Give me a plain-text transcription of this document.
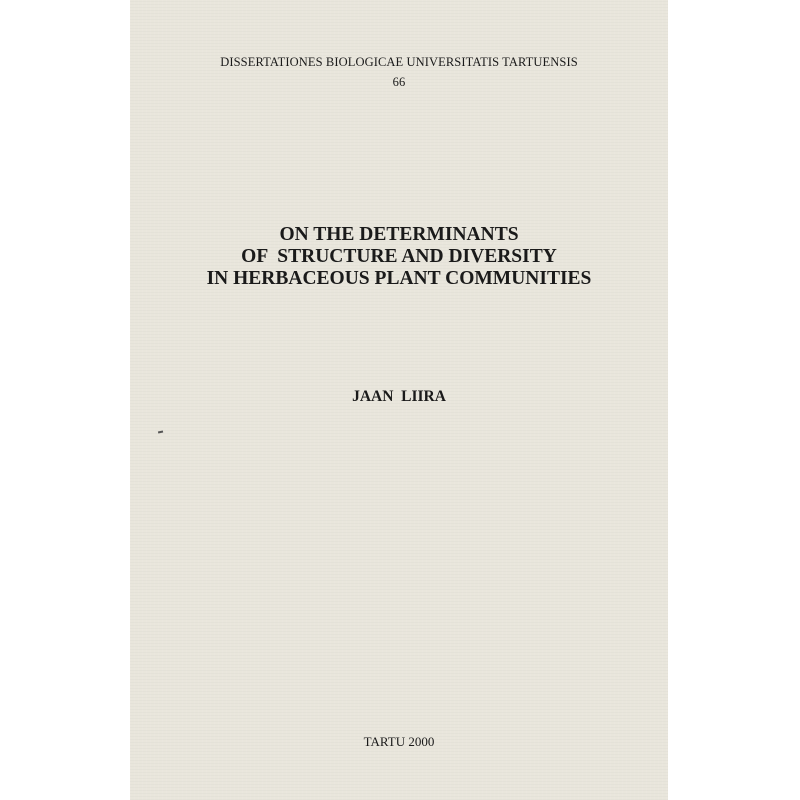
DISSERTATIONES BIOLOGICAE UNIVERSITATIS TARTUENSIS
66
ON THE DETERMINANTS
OF  STRUCTURE AND DIVERSITY
IN HERBACEOUS PLANT COMMUNITIES
JAAN  LIIRA
TARTU 2000
